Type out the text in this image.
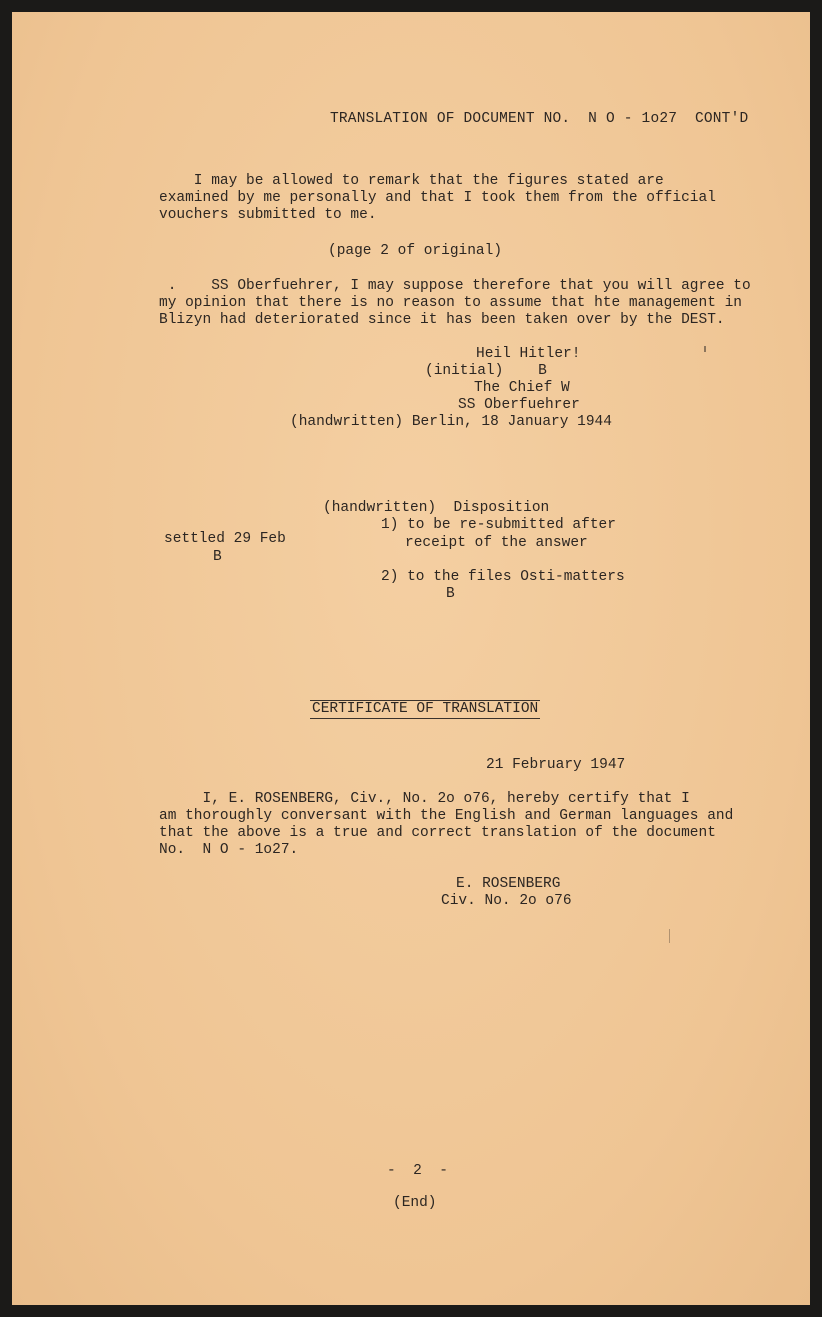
TRANSLATION OF DOCUMENT NO.  N O - 1o27  CONT'D
I may be allowed to remark that the figures stated are
examined by me personally and that I took them from the official
vouchers submitted to me.
(page 2 of original)
.    SS Oberfuehrer, I may suppose therefore that you will agree to
my opinion that there is no reason to assume that hte management in
Blizyn had deteriorated since it has been taken over by the DEST.
Heil Hitler!
(initial)    B
The Chief W
SS Oberfuehrer
(handwritten) Berlin, 18 January 1944
(handwritten)  Disposition
1) to be re-submitted after
receipt of the answer
settled 29 Feb
B
2) to the files Osti-matters
B
CERTIFICATE OF TRANSLATION
21 February 1947
I, E. ROSENBERG, Civ., No. 2o o76, hereby certify that I
am thoroughly conversant with the English and German languages and
that the above is a true and correct translation of the document
No.  N O - 1o27.
E. ROSENBERG
Civ. No. 2o o76
-  2  -
(End)
